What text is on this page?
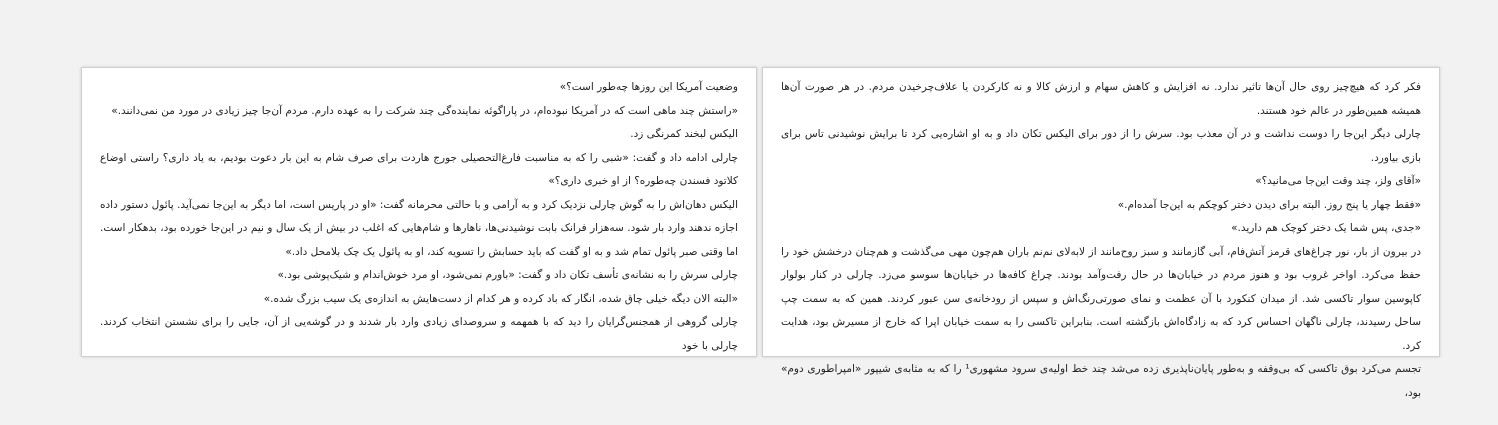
وضعیت آمریکا این روزها چه‌طور است؟»

«راستش چند ماهی است که در آمریکا نبوده‌ام، در پاراگوئه نماینده‌گی چند شرکت را به عهده دارم. مردم آن‌جا چیز زیادی در مورد من نمی‌دانند.»

الیکس لبخند کمرنگی زد.

چارلی ادامه داد و گفت: «شبی را که به مناسبت فارغ‌التحصیلی جورج هاردت برای صرف شام به این بار دعوت بودیم، به یاد داری؟ راستی اوضاع کلاتود فسندن چه‌طوره؟ از او خبری داری؟»

الیکس دهان‌اش را به گوش چارلی نزدیک کرد و به آرامی و با حالتی محرمانه گفت: «او در پاریس است، اما دیگر به این‌جا نمی‌آید. پائول دستور داده اجازه ندهند وارد بار شود. سه‌هزار فرانک بابت نوشیدنی‌ها، ناهارها و شام‌هایی که اغلب در بیش از یک سال و نیم در این‌جا خورده بود، بدهکار است. اما وقتی صبر پائول تمام شد و به او گفت که باید حسابش را تسویه کند، او به پائول یک چک بلامحل داد.»

چارلی سرش را به نشانه‌ی تأسف تکان داد و گفت: «باورم نمی‌شود، او مرد خوش‌اندام و شیک‌پوشی بود.»

«البته الان دیگه خیلی چاق شده، انگار که باد کرده و هر کدام از دست‌هایش به اندازه‌ی یک سیب بزرگ شده.»

چارلی گروهی از همجنس‌گرایان را دید که با همهمه و سروصدای زیادی وارد بار شدند و در گوشه‌یی از آن، جایی را برای نشستن انتخاب کردند. چارلی با خود

فکر کرد که هیچ‌چیز روی حال آن‌ها تاثیر ندارد. نه افزایش و کاهش سهام و ارزش کالا و نه کارکردن یا علاف‌چرخیدن مردم. در هر صورت آن‌ها همیشه همین‌طور در عالم خود هستند.

چارلی دیگر این‌جا را دوست نداشت و در آن معذب بود. سرش را از دور برای الیکس تکان داد و به او اشاره‌یی کرد تا برایش نوشیدنی تاس برای بازی بیاورد.

«آقای ولز، چند وقت این‌جا می‌مانید؟»

«فقط چهار یا پنج روز. البته برای دیدن دختر کوچکم به این‌جا آمده‌ام.»

«جدی، پس شما یک دختر کوچک هم دارید.»

در بیرون از بار، نور چراغ‌های قرمز آتش‌فام، آبی گازمانند و سبز روح‌مانند از لابه‌لای نم‌نم باران هم‌چون مهی می‌گذشت و هم‌چنان درخشش خود را حفظ می‌کرد. اواخر غروب بود و هنوز مردم در خیابان‌ها در حال رفت‌وآمد بودند. چراغ کافه‌ها در خیابان‌ها سوسو می‌زد. چارلی در کنار بولوار کاپوسین سوار تاکسی شد. از میدان کنکورد با آن عظمت و نمای صورتی‌رنگ‌اش و سپس از رودخانه‌ی سن عبور کردند. همین که به سمت چپ ساحل رسیدند، چارلی ناگهان احساس کرد که به زادگاه‌اش بازگشته است. بنابراین تاکسی را به سمت خیابان اپرا که خارج از مسیرش بود، هدایت کرد.

تجسم می‌کرد بوق تاکسی که بی‌وقفه و به‌طور پایان‌ناپذیری زده می‌شد چند خط اولیه‌ی سرود مشهوری¹ را که به مثابه‌ی شیپور «امپراطوری دوم» بود،
